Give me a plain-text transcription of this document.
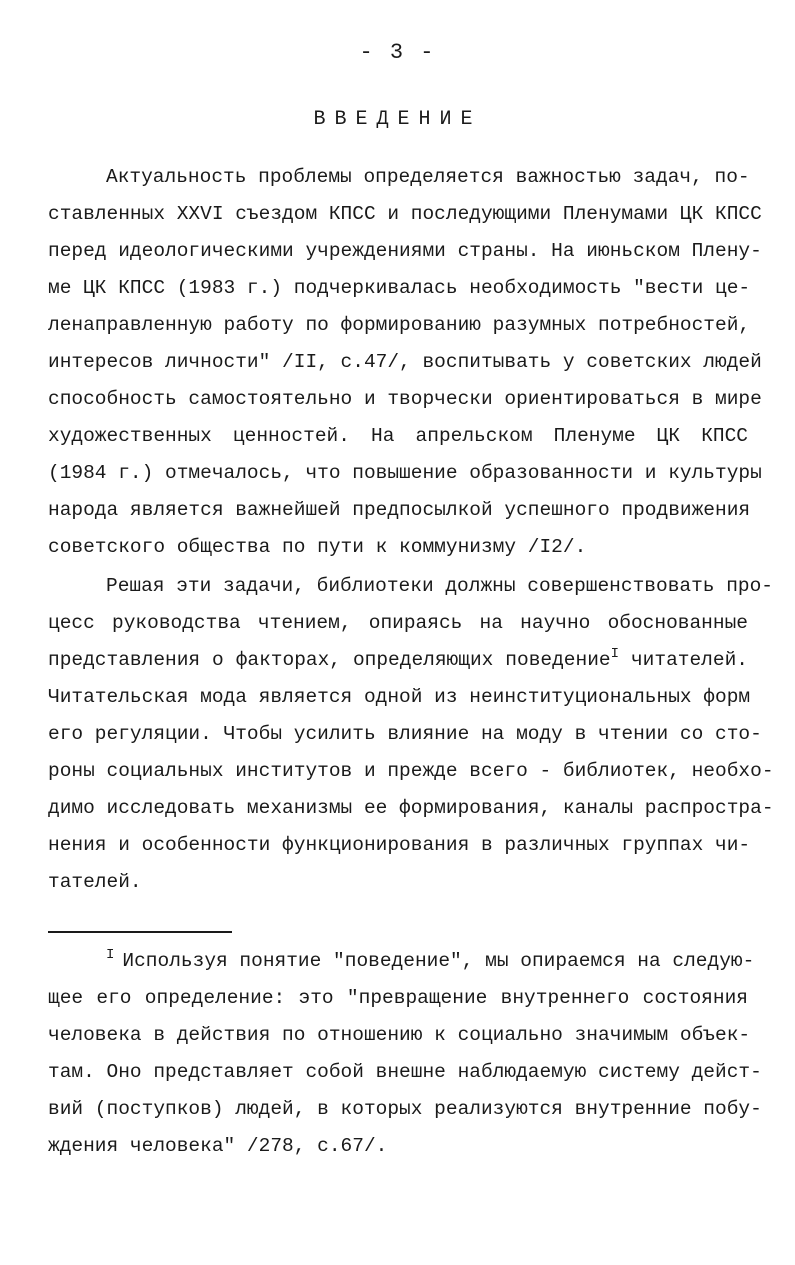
- 3 -
ВВЕДЕНИЕ
Актуальность проблемы определяется важностью задач, по-
ставленных XXVI съездом КПСС и последующими Пленумами ЦК КПСС
перед идеологическими учреждениями страны. На июньском Плену-
ме ЦК КПСС (1983 г.) подчеркивалась необходимость "вести це-
ленаправленную работу по формированию разумных потребностей,
интересов личности" /II, с.47/, воспитывать у советских людей
способность самостоятельно и творчески ориентироваться в мире
художественных ценностей. На апрельском Пленуме ЦК КПСС
(1984 г.) отмечалось, что повышение образованности и культуры
народа является важнейшей предпосылкой успешного продвижения
советского общества по пути к коммунизму /I2/.
Решая эти задачи, библиотеки должны совершенствовать про-
цесс руководства чтением, опираясь на научно обоснованные
представления о факторах, определяющих поведение$^I$ читателей.
Читательская мода является одной из неинституциональных форм
его регуляции. Чтобы усилить влияние на моду в чтении со сто-
роны социальных институтов и прежде всего - библиотек, необхо-
димо исследовать механизмы ее формирования, каналы распростра-
нения и особенности функционирования в различных группах чи-
тателей.
$^I$ Используя понятие "поведение", мы опираемся на следую-
щее его определение: это "превращение внутреннего состояния
человека в действия по отношению к социально значимым объек-
там. Оно представляет собой внешне наблюдаемую систему дейст-
вий (поступков) людей, в которых реализуются внутренние побу-
ждения человека" /278, с.67/.
